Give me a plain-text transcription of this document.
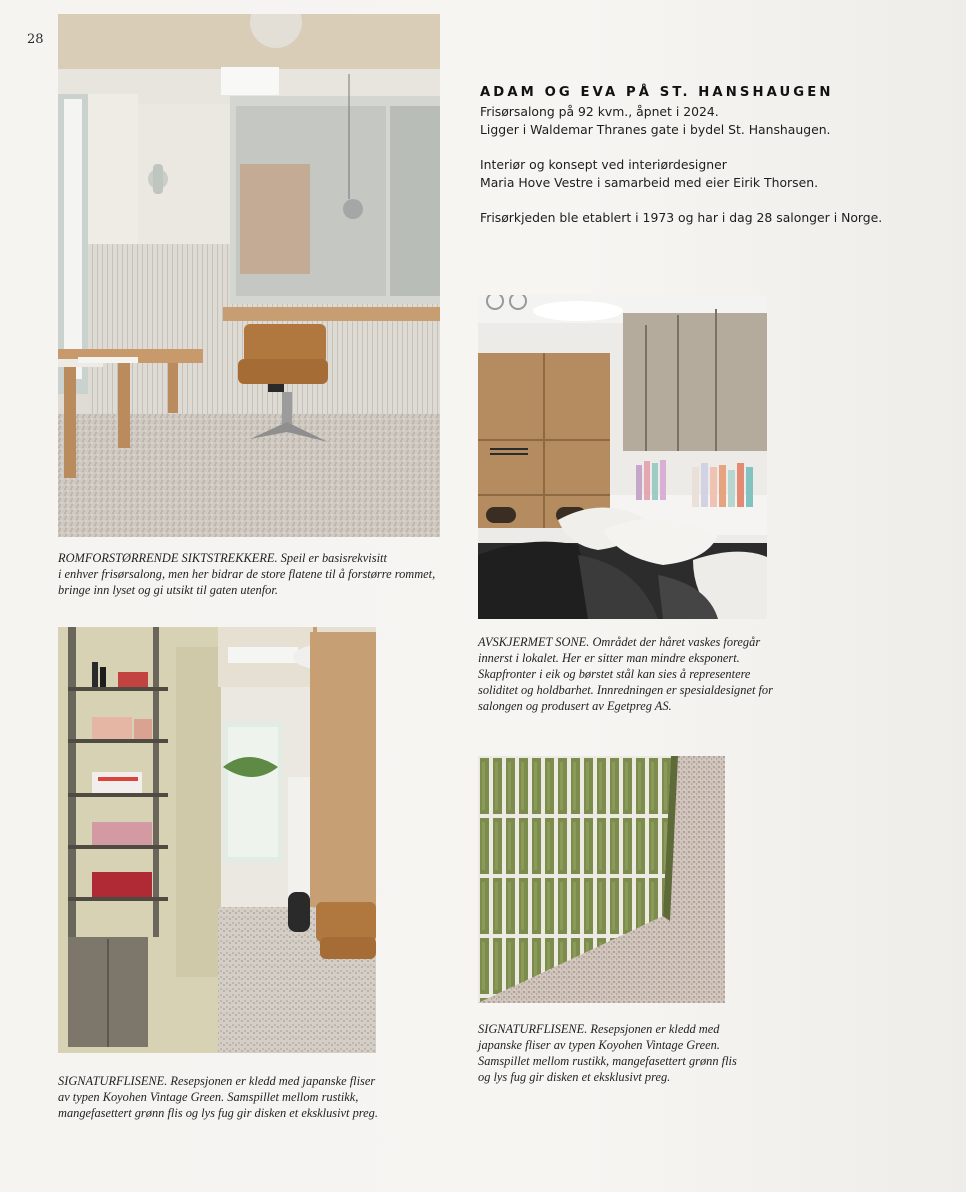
28
ROMFORSTØRRENDE SIKTSTREKKERE. Speil er basisrekvisitt
i enhver frisørsalong, men her bidrar de store flatene til å forstørre rommet,
bringe inn lyset og gi utsikt til gaten utenfor.
ADAM OG EVA PÅ ST. HANSHAUGEN

Frisørsalong på 92 kvm., åpnet i 2024.

Ligger i Waldemar Thranes gate i bydel St. Hanshaugen.

Interiør og konsept ved interiørdesigner

Maria Hove Vestre i samarbeid med eier Eirik Thorsen.

Frisørkjeden ble etablert i 1973 og har i dag 28 salonger i Norge.

AVSKJERMET SONE. Området der håret vaskes foregår
innerst i lokalet. Her er sitter man mindre eksponert.
Skapfronter i eik og børstet stål kan sies å representere
soliditet og holdbarhet. Innredningen er spesialdesignet for
salongen og produsert av Egetpreg AS.
SIGNATURFLISENE. Resepsjonen er kledd med japanske fliser
av typen Koyohen Vintage Green. Samspillet mellom rustikk,
mangefasettert grønn flis og lys fug gir disken et eksklusivt preg.
SIGNATURFLISENE. Resepsjonen er kledd med
japanske fliser av typen Koyohen Vintage Green.
Samspillet mellom rustikk, mangefasettert grønn flis
og lys fug gir disken et eksklusivt preg.
